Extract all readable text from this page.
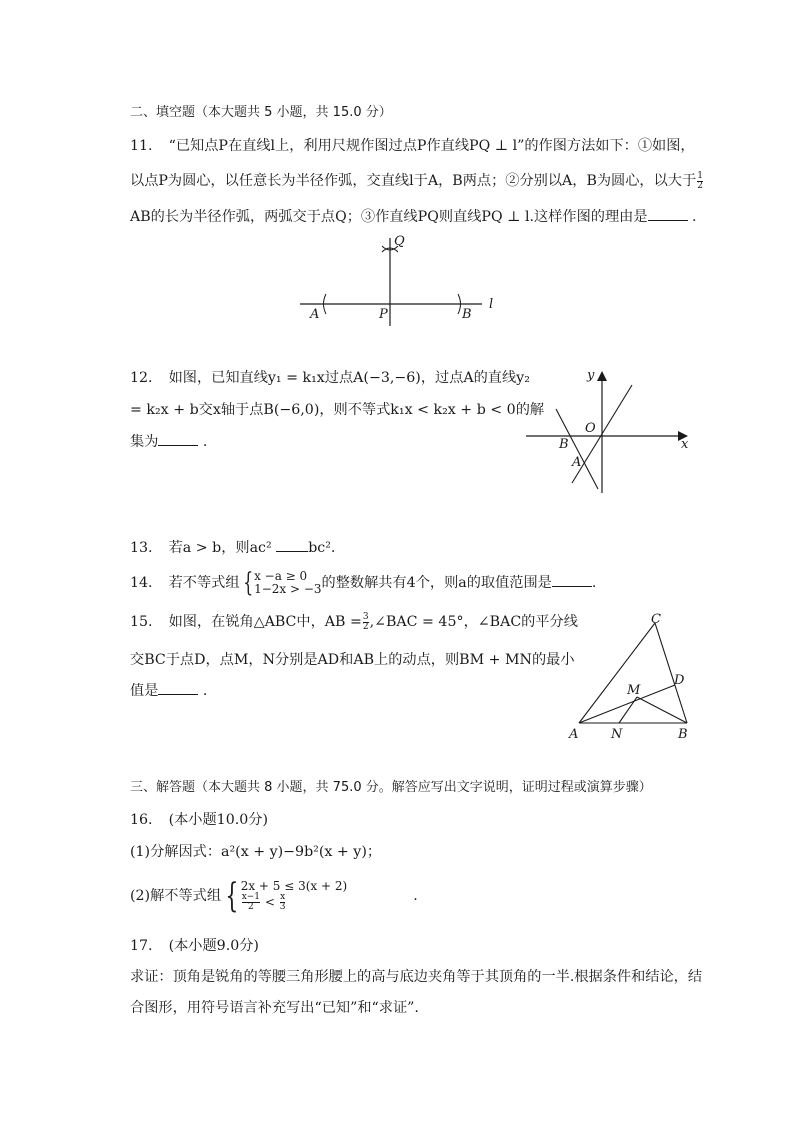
二、填空题（本大题共 5 小题，共 15.0 分）
11. “已知点P在直线l上，利用尺规作图过点P作直线PQ ⊥ l”的作图方法如下：①如图，
以点P为圆心，以任意长为半径作弧，交直线l于A，B两点；②分别以A，B为圆心，以大于 $\frac{1}{2}$
AB的长为半径作弧，两弧交于点Q；③作直线PQ则直线PQ ⊥ l.这样作图的理由是	.
Q
A	P	B
l
12. 如图，已知直线y₁ = k₁x过点A(−3,−6)，过点A的直线y₂
= k₂x + b交x轴于点B(−6,0)，则不等式k₁x < k₂x + b < 0的解
集为	.
y
x
O
B
A
13. 若a > b，则ac²	bc².
14. 若不等式组 { x −a ≥ 0
1−2x > −3 的整数解共有4个，则a的取值范围是	.
15. 如图，在锐角△ABC中，AB = $\frac{3}{2}$ ,∠BAC = 45°，∠BAC的平分线
交BC于点D，点M，N分别是AD和AB上的动点，则BM + MN的最小
值是	.
C
D
M
A	N	B
三、解答题（本大题共 8 小题，共 75.0 分。解答应写出文字说明，证明过程或演算步骤）
16. (本小题10.0分)
(1)分解因式：a²(x + y)−9b²(x + y)；
(2)解不等式组 { 2x + 5 ≤ 3(x + 2)
$\frac{x-1}{2} < \frac{x}{3}$	.
17. (本小题9.0分)
求证：顶角是锐角的等腰三角形腰上的高与底边夹角等于其顶角的一半.根据条件和结论，结
合图形，用符号语言补充写出“已知”和“求证”.
